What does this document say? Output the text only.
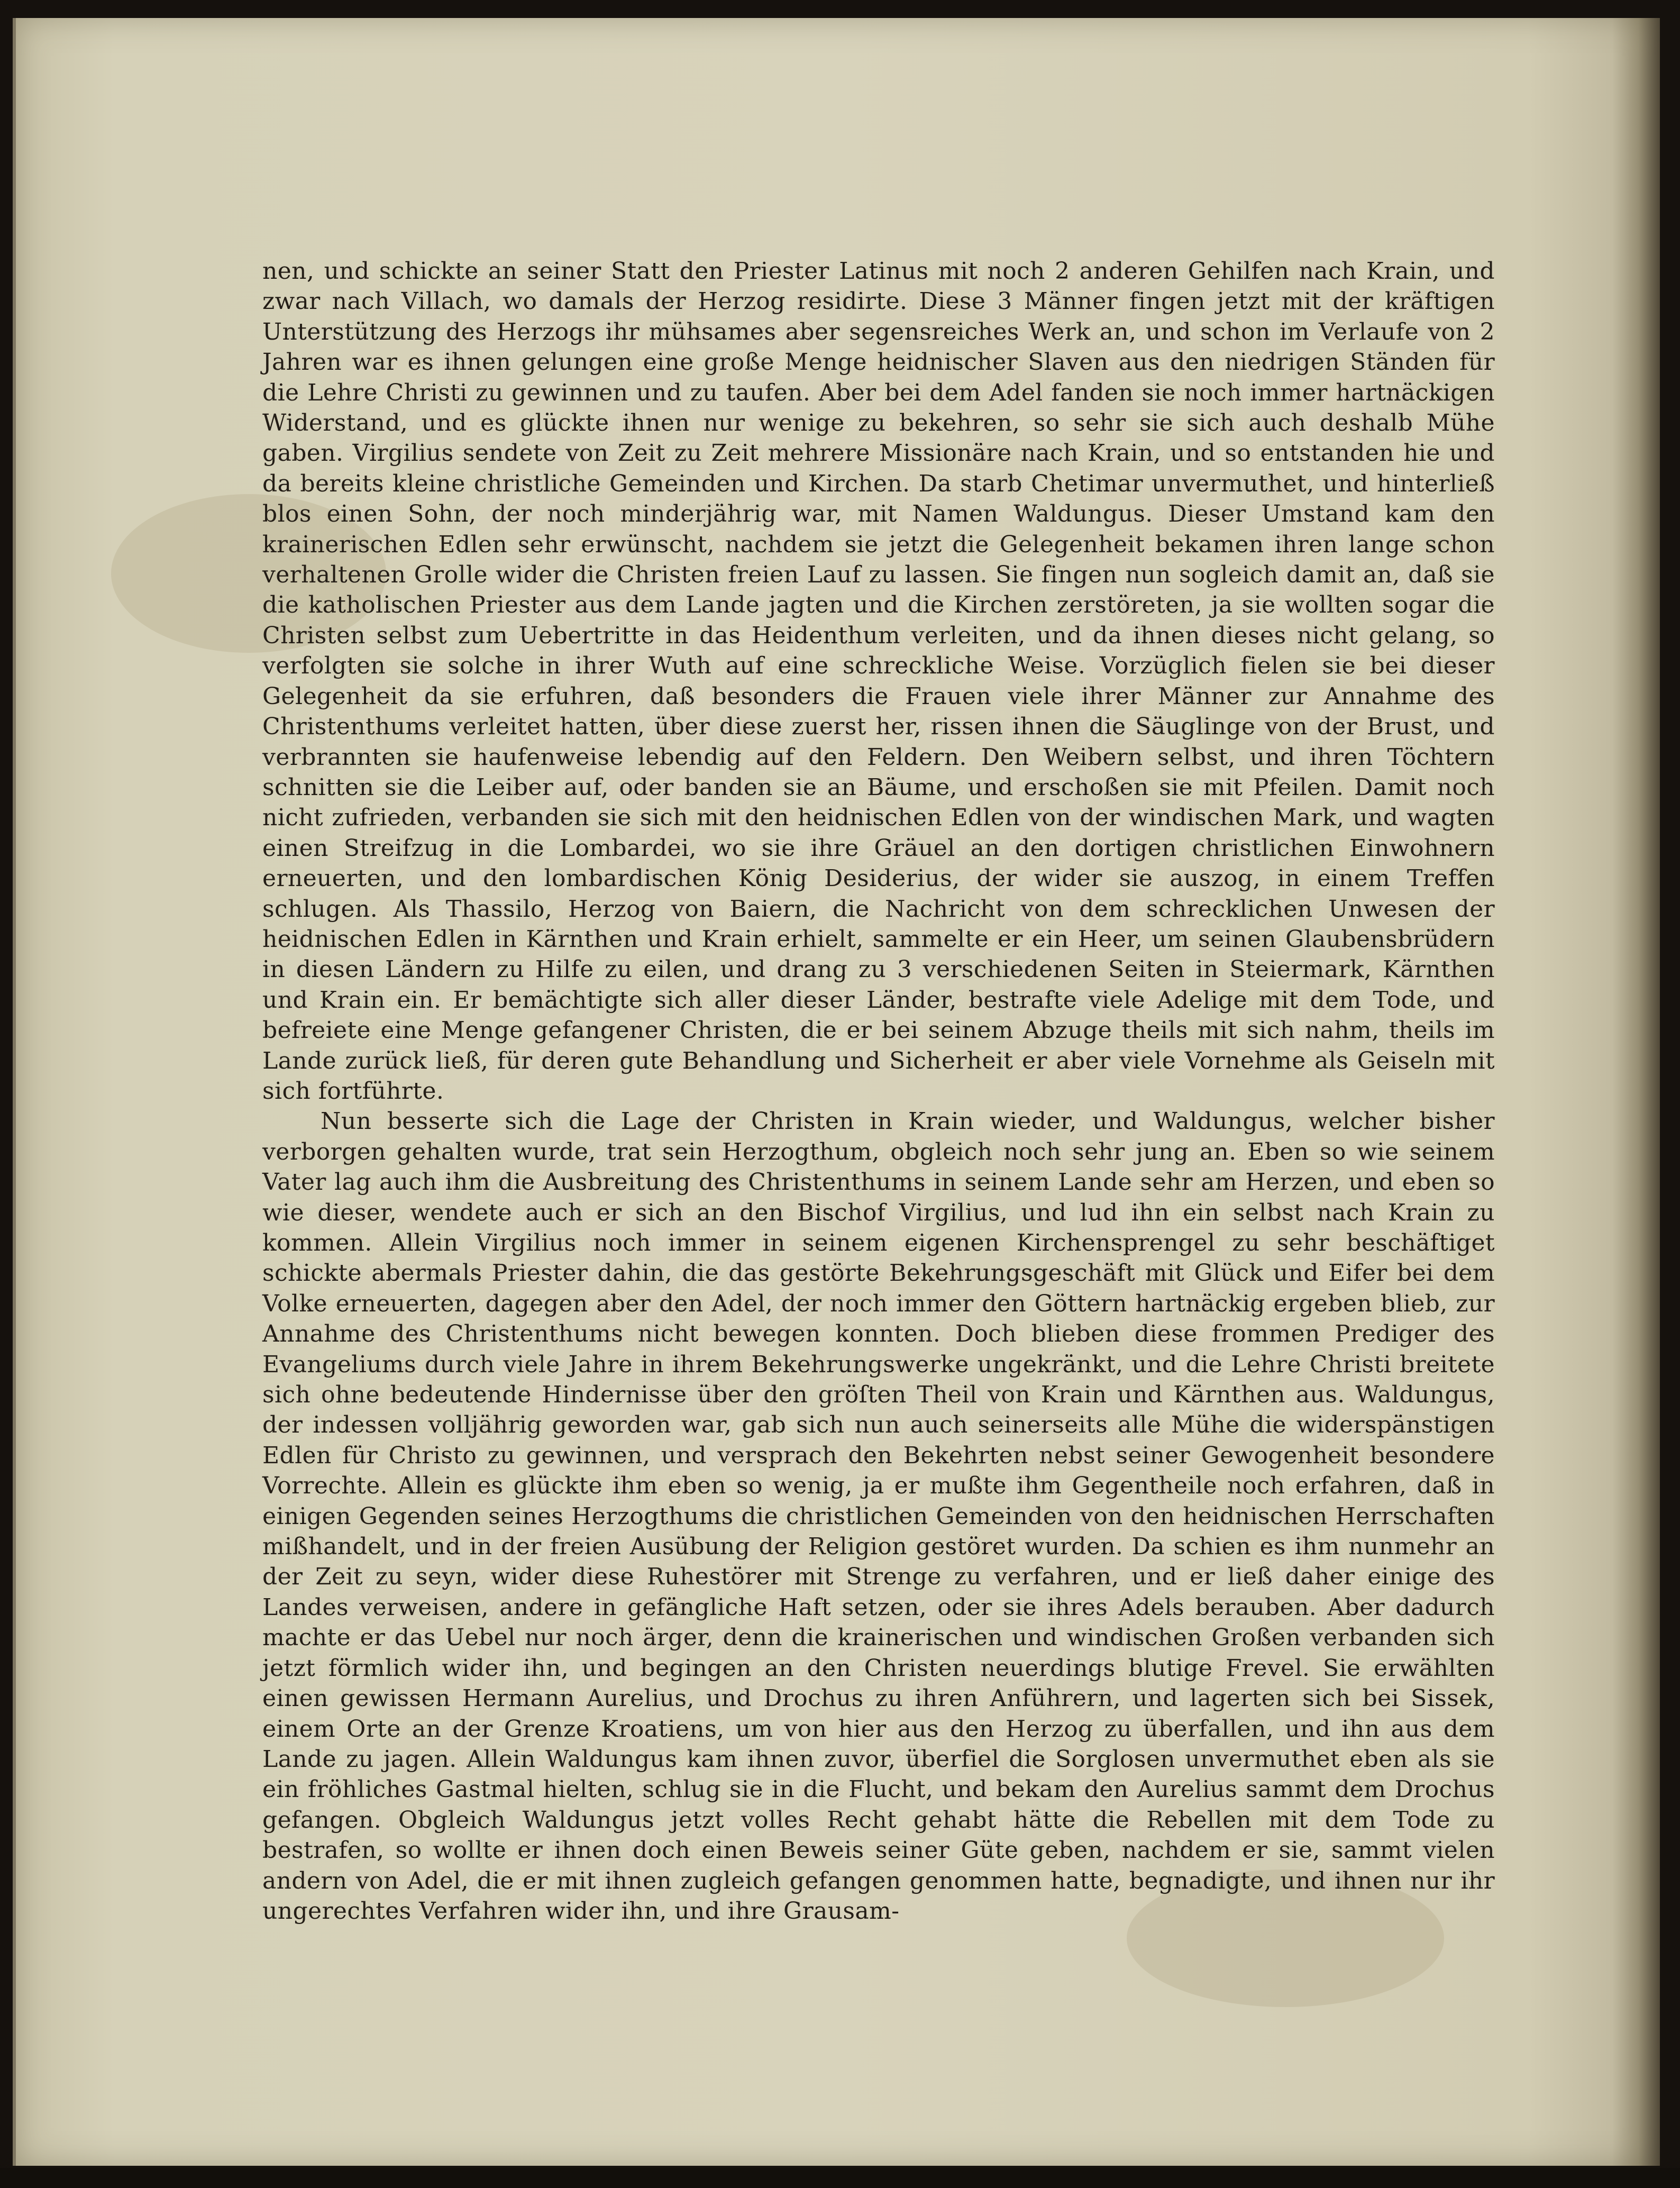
nen, und schickte an seiner Statt den Priester Latinus mit noch 2 anderen Gehilfen nach Krain, und zwar nach Villach, wo damals der Herzog residirte. Diese 3 Männer fingen jetzt mit der kräftigen Unterstützung des Herzogs ihr mühsames aber segensreiches Werk an, und schon im Verlaufe von 2 Jahren war es ihnen gelungen eine große Menge heidnischer Slaven aus den niedrigen Ständen für die Lehre Christi zu gewinnen und zu taufen. Aber bei dem Adel fanden sie noch immer hartnäckigen Widerstand, und es glückte ihnen nur wenige zu bekehren, so sehr sie sich auch deshalb Mühe gaben. Virgilius sendete von Zeit zu Zeit mehrere Missionäre nach Krain, und so entstanden hie und da bereits kleine christliche Gemeinden und Kirchen. Da starb Chetimar unvermuthet, und hinterließ blos einen Sohn, der noch minderjährig war, mit Namen Waldungus. Dieser Umstand kam den krainerischen Edlen sehr erwünscht, nachdem sie jetzt die Gelegenheit bekamen ihren lange schon verhaltenen Grolle wider die Christen freien Lauf zu lassen. Sie fingen nun sogleich damit an, daß sie die katholischen Priester aus dem Lande jagten und die Kirchen zerstöreten, ja sie wollten sogar die Christen selbst zum Uebertritte in das Heidenthum verleiten, und da ihnen dieses nicht gelang, so verfolgten sie solche in ihrer Wuth auf eine schreckliche Weise. Vorzüglich fielen sie bei dieser Gelegenheit da sie erfuhren, daß besonders die Frauen viele ihrer Männer zur Annahme des Christenthums verleitet hatten, über diese zuerst her, rissen ihnen die Säuglinge von der Brust, und verbrannten sie haufenweise lebendig auf den Feldern. Den Weibern selbst, und ihren Töchtern schnitten sie die Leiber auf, oder banden sie an Bäume, und erschoßen sie mit Pfeilen. Damit noch nicht zufrieden, verbanden sie sich mit den heidnischen Edlen von der windischen Mark, und wagten einen Streifzug in die Lombardei, wo sie ihre Gräuel an den dortigen christlichen Einwohnern erneuerten, und den lombardischen König Desiderius, der wider sie auszog, in einem Treffen schlugen. Als Thassilo, Herzog von Baiern, die Nachricht von dem schrecklichen Unwesen der heidnischen Edlen in Kärnthen und Krain erhielt, sammelte er ein Heer, um seinen Glaubensbrüdern in diesen Ländern zu Hilfe zu eilen, und drang zu 3 verschiedenen Seiten in Steiermark, Kärnthen und Krain ein. Er bemächtigte sich aller dieser Länder, bestrafte viele Adelige mit dem Tode, und befreiete eine Menge gefangener Christen, die er bei seinem Abzuge theils mit sich nahm, theils im Lande zurück ließ, für deren gute Behandlung und Sicherheit er aber viele Vornehme als Geiseln mit sich fortführte.

Nun besserte sich die Lage der Christen in Krain wieder, und Waldungus, welcher bisher verborgen gehalten wurde, trat sein Herzogthum, obgleich noch sehr jung an. Eben so wie seinem Vater lag auch ihm die Ausbreitung des Christenthums in seinem Lande sehr am Herzen, und eben so wie dieser, wendete auch er sich an den Bischof Virgilius, und lud ihn ein selbst nach Krain zu kommen. Allein Virgilius noch immer in seinem eigenen Kirchensprengel zu sehr beschäftiget schickte abermals Priester dahin, die das gestörte Bekehrungsgeschäft mit Glück und Eifer bei dem Volke erneuerten, dagegen aber den Adel, der noch immer den Göttern hartnäckig ergeben blieb, zur Annahme des Christenthums nicht bewegen konnten. Doch blieben diese frommen Prediger des Evangeliums durch viele Jahre in ihrem Bekehrungswerke ungekränkt, und die Lehre Christi breitete sich ohne bedeutende Hindernisse über den gröſten Theil von Krain und Kärnthen aus. Waldungus, der indessen volljährig geworden war, gab sich nun auch seinerseits alle Mühe die widerspänstigen Edlen für Christo zu gewinnen, und versprach den Bekehrten nebst seiner Gewogenheit besondere Vorrechte. Allein es glückte ihm eben so wenig, ja er mußte ihm Gegentheile noch erfahren, daß in einigen Gegenden seines Herzogthums die christlichen Gemeinden von den heidnischen Herrschaften mißhandelt, und in der freien Ausübung der Religion gestöret wurden. Da schien es ihm nunmehr an der Zeit zu seyn, wider diese Ruhestörer mit Strenge zu verfahren, und er ließ daher einige des Landes verweisen, andere in gefängliche Haft setzen, oder sie ihres Adels berauben. Aber dadurch machte er das Uebel nur noch ärger, denn die krainerischen und windischen Großen verbanden sich jetzt förmlich wider ihn, und begingen an den Christen neuerdings blutige Frevel. Sie erwählten einen gewissen Hermann Aurelius, und Drochus zu ihren Anführern, und lagerten sich bei Sissek, einem Orte an der Grenze Kroatiens, um von hier aus den Herzog zu überfallen, und ihn aus dem Lande zu jagen. Allein Waldungus kam ihnen zuvor, überfiel die Sorglosen unvermuthet eben als sie ein fröhliches Gastmal hielten, schlug sie in die Flucht, und bekam den Aurelius sammt dem Drochus gefangen. Obgleich Waldungus jetzt volles Recht gehabt hätte die Rebellen mit dem Tode zu bestrafen, so wollte er ihnen doch einen Beweis seiner Güte geben, nachdem er sie, sammt vielen andern von Adel, die er mit ihnen zugleich gefangen genommen hatte, begnadigte, und ihnen nur ihr ungerechtes Verfahren wider ihn, und ihre Grausam-
